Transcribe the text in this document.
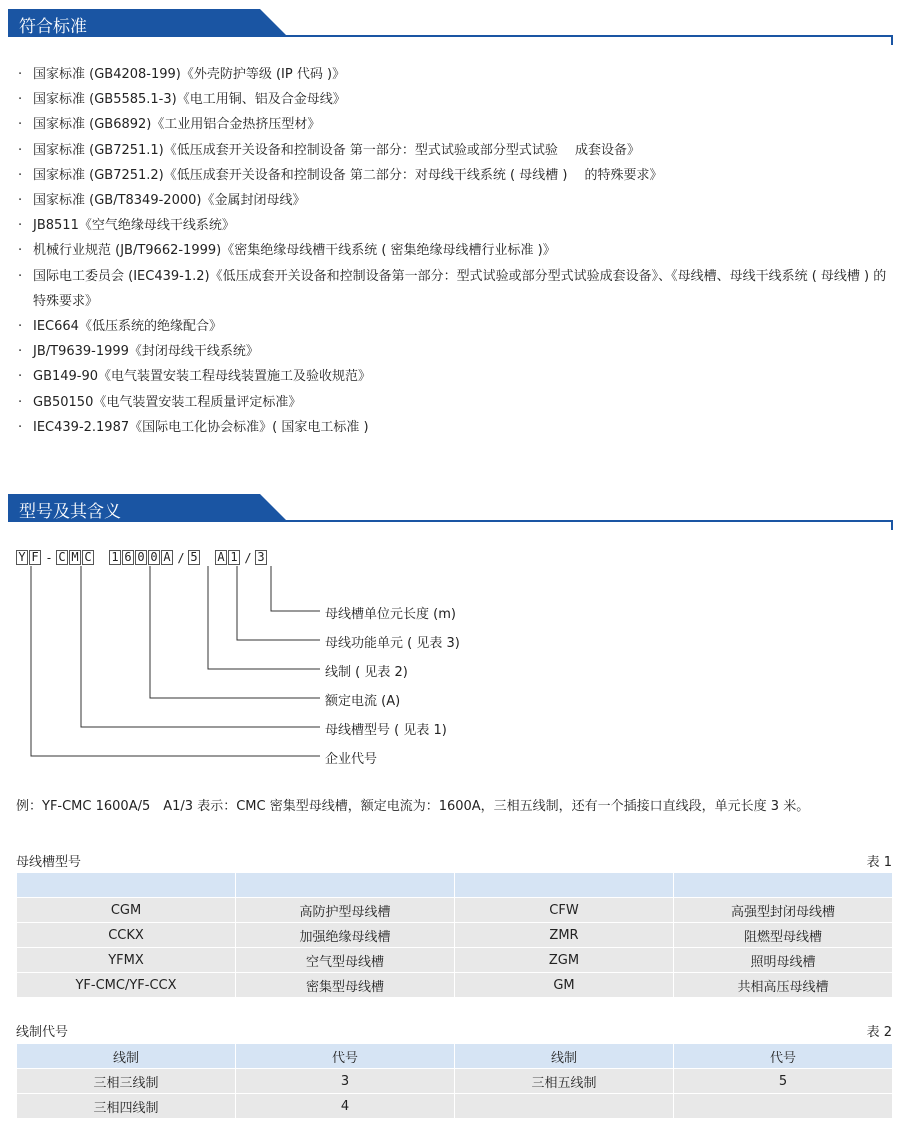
符合标准
· 国家标准 (GB4208-199)《外壳防护等级 (IP 代码 )》
· 国家标准 (GB5585.1-3)《电工用铜、铝及合金母线》
· 国家标准 (GB6892)《工业用铝合金热挤压型材》
· 国家标准 (GB7251.1)《低压成套开关设备和控制设备 第一部分：型式试验或部分型式试验　 成套设备》
· 国家标准 (GB7251.2)《低压成套开关设备和控制设备 第二部分：对母线干线系统 ( 母线槽 )　 的特殊要求》
· 国家标准 (GB/T8349-2000)《金属封闭母线》
· JB8511《空气绝缘母线干线系统》
· 机械行业规范 (JB/T9662-1999)《密集绝缘母线槽干线系统 ( 密集绝缘母线槽行业标准 )》
· 国际电工委员会 (IEC439-1.2)《低压成套开关设备和控制设备第一部分：型式试验或部分型式试验成套设备》、《母线槽、母线干线系统 ( 母线槽 ) 的特殊要求》
· IEC664《低压系统的绝缘配合》
· JB/T9639-1999《封闭母线干线系统》
· GB149-90《电气装置安装工程母线装置施工及验收规范》
· GB50150《电气装置安装工程质量评定标准》
· IEC439-2.1987《国际电工化协会标准》( 国家电工标准 )
型号及其含义
Y F - C M C 1 6 0 0 A / 5 A 1 / 3
母线槽单位元长度 (m)
母线功能单元 ( 见表 3)
线制 ( 见表 2)
额定电流 (A)
母线槽型号 ( 见表 1)
企业代号
例：YF-CMC 1600A/5　A1/3 表示：CMC 密集型母线槽，额定电流为：1600A，三相五线制，还有一个插接口直线段，单元长度 3 米。
母线槽型号	表 1

CGM	高防护型母线槽	CFW	高强型封闭母线槽
CCKX	加强绝缘母线槽	ZMR	阻燃型母线槽
YFMX	空气型母线槽	ZGM	照明母线槽
YF-CMC/YF-CCX	密集型母线槽	GM	共相高压母线槽
线制代号	表 2
线制	代号	线制	代号
三相三线制	3	三相五线制	5
三相四线制	4		
